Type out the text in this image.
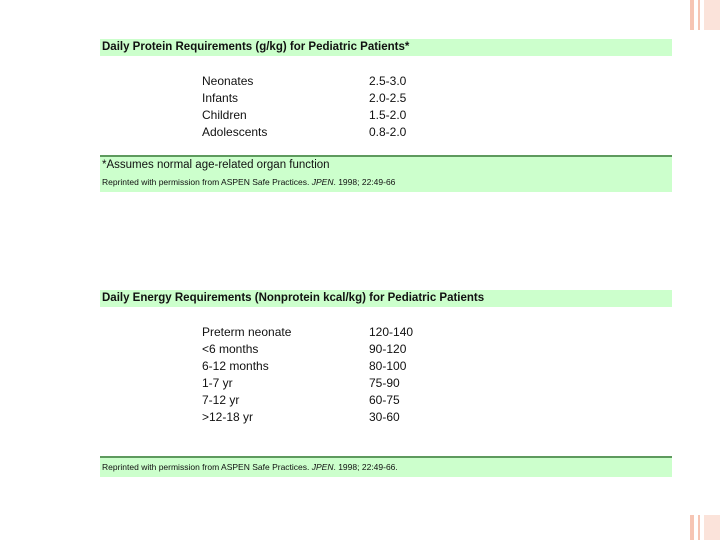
Daily Protein Requirements (g/kg) for Pediatric Patients*
Neonates	2.5-3.0
Infants	2.0-2.5
Children	1.5-2.0
Adolescents	0.8-2.0
*Assumes normal age-related organ function
Reprinted with permission from ASPEN Safe Practices. JPEN. 1998; 22:49-66
Daily Energy Requirements (Nonprotein kcal/kg) for Pediatric Patients
Preterm neonate	120-140
<6 months	90-120
6-12 months	80-100
1-7 yr	75-90
7-12 yr	60-75
>12-18 yr	30-60
Reprinted with permission from ASPEN Safe Practices. JPEN. 1998; 22:49-66.
